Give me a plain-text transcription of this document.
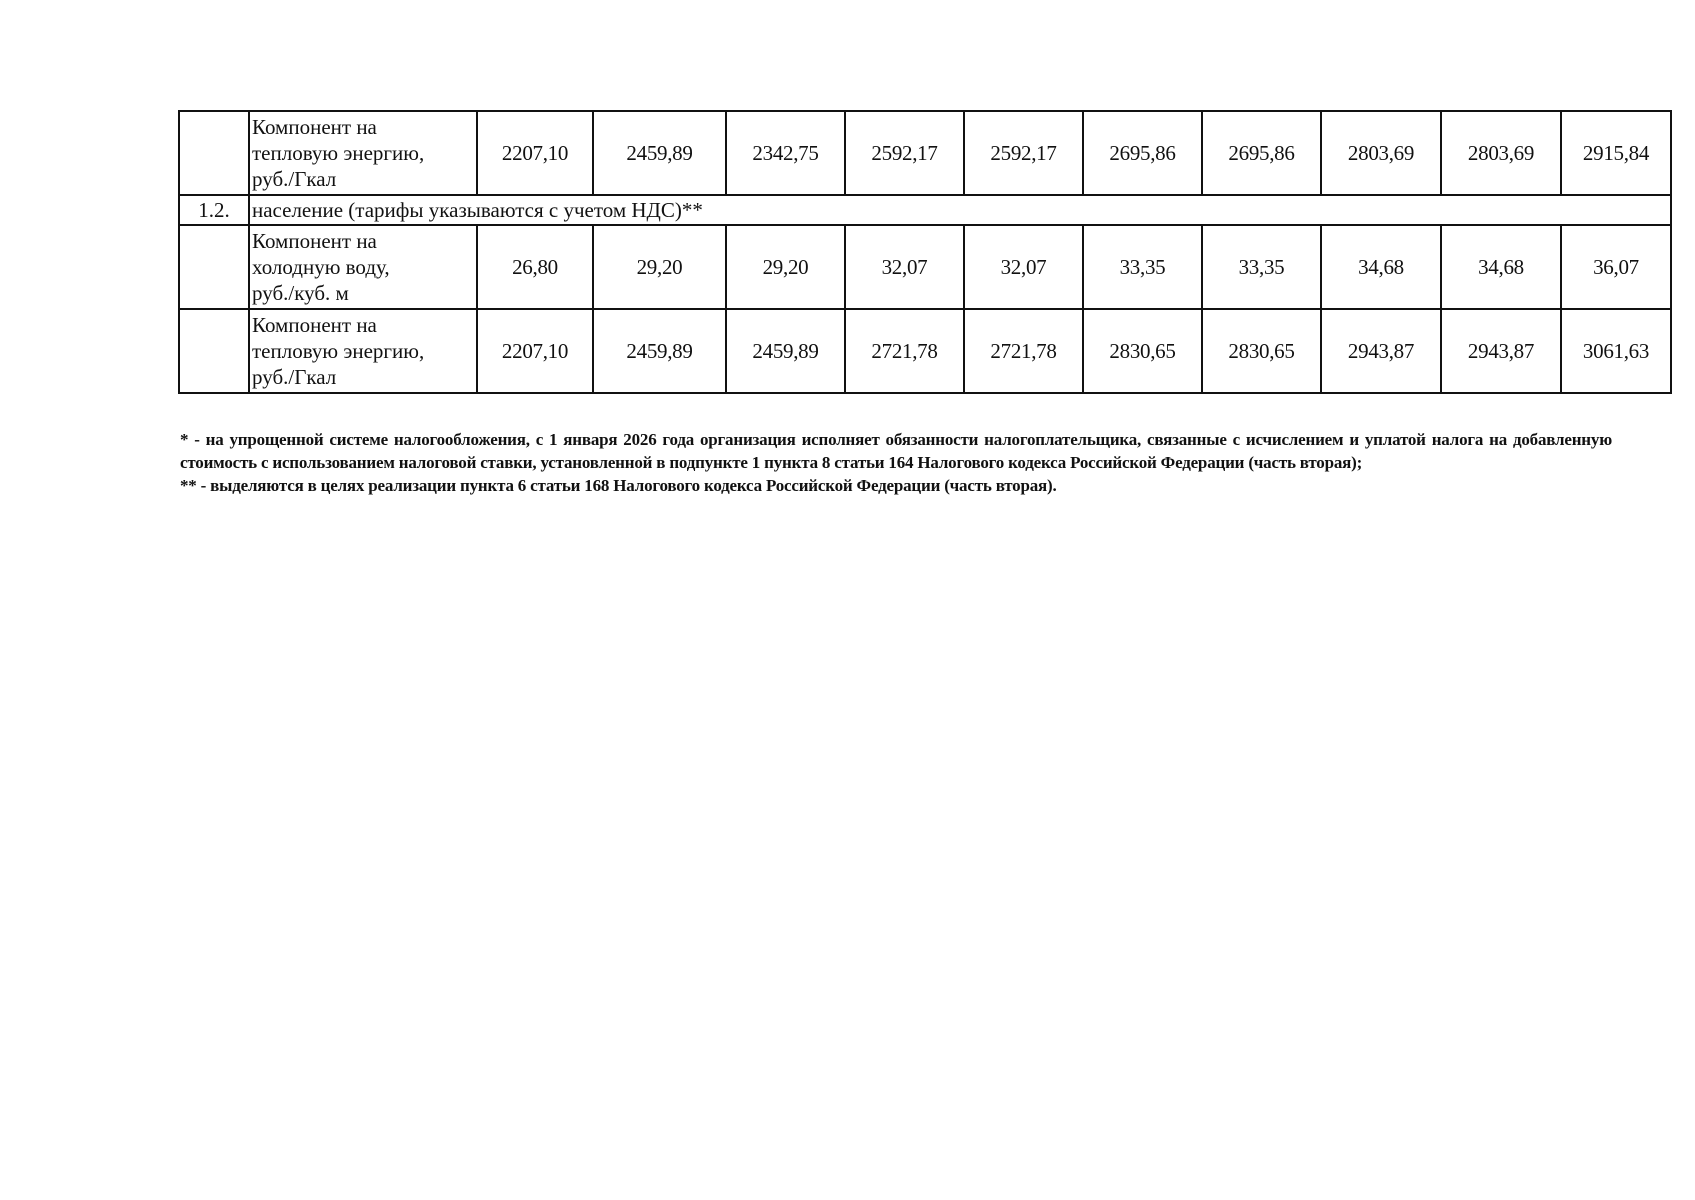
	Компонент на
тепловую энергию,
руб./Гкал	2207,10	2459,89	2342,75	2592,17	2592,17	2695,86	2695,86	2803,69	2803,69	2915,84
1.2.	население (тарифы указываются с учетом НДС)**										
	Компонент на
холодную воду,
руб./куб. м	26,80	29,20	29,20	32,07	32,07	33,35	33,35	34,68	34,68	36,07
	Компонент на
тепловую энергию,
руб./Гкал	2207,10	2459,89	2459,89	2721,78	2721,78	2830,65	2830,65	2943,87	2943,87	3061,63

* - на упрощенной системе налогообложения, с 1 января 2026 года организация исполняет обязанности налогоплательщика, связанные с исчислением и уплатой налога на добавленную стоимость с использованием налоговой ставки, установленной в подпункте 1 пункта 8 статьи 164 Налогового кодекса Российской Федерации (часть вторая);

** - выделяются в целях реализации пункта 6 статьи 168 Налогового кодекса Российской Федерации (часть вторая).
